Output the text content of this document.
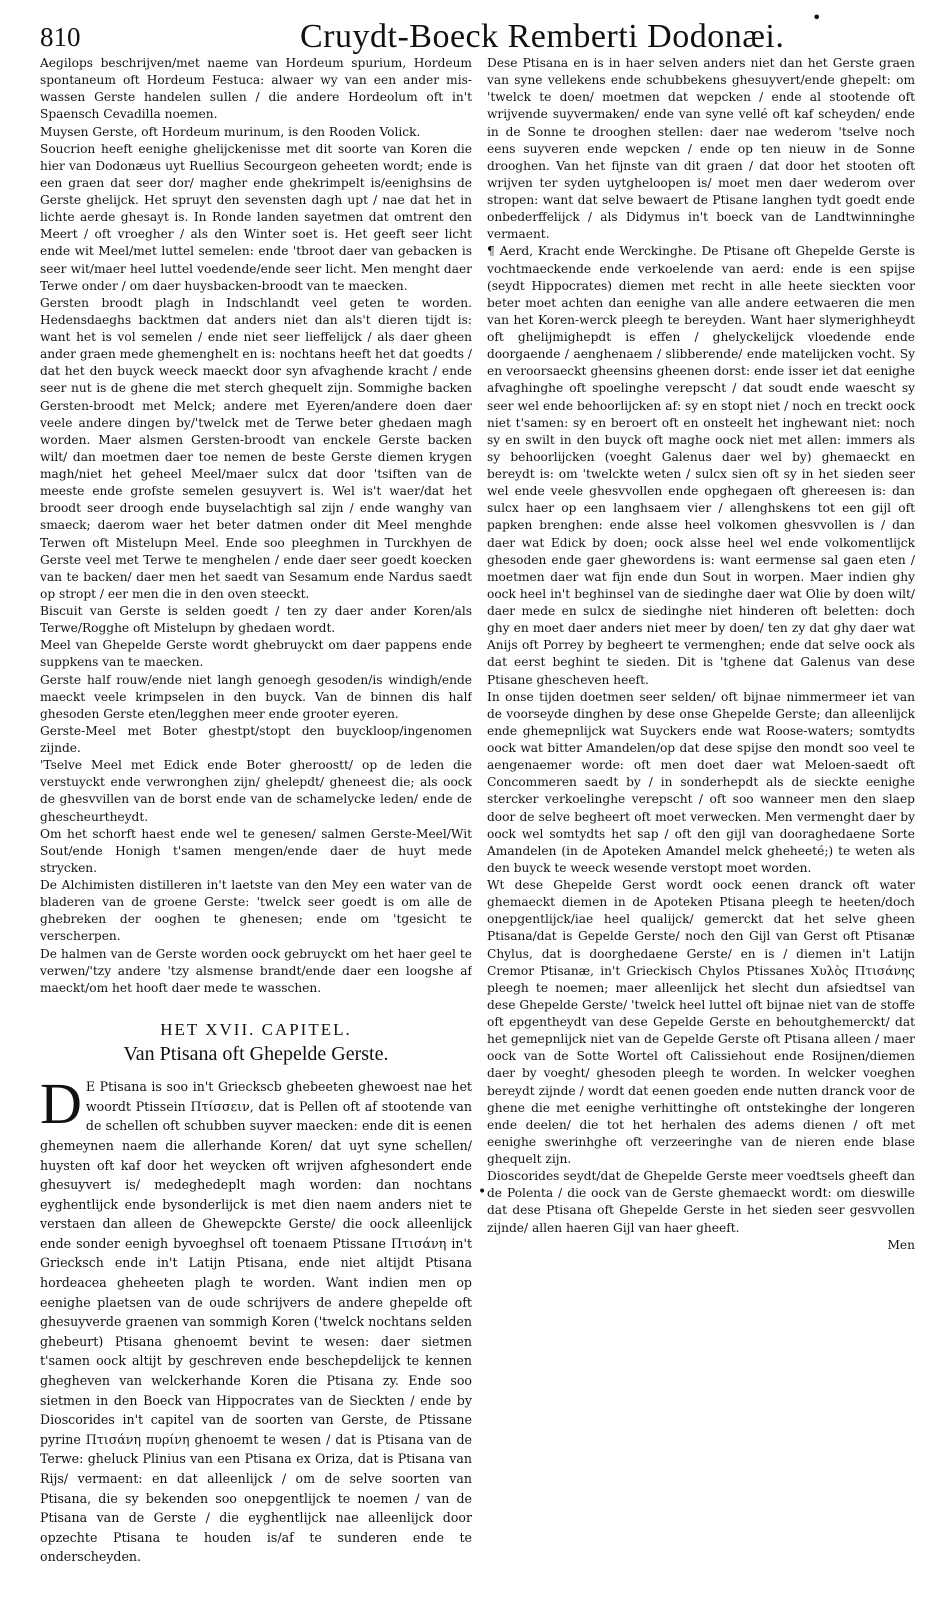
810	Cruydt-Boeck Remberti Dodonæi.
•

Aegilops beschrijven/met naeme van Hordeum spurium, Hordeum spontaneum oft Hordeum Festuca: alwaer wy van een ander mis-wassen Gerste handelen sullen / die andere Hordeolum oft in't Spaensch Cevadilla noemen.

Muysen Gerste, oft Hordeum murinum, is den Rooden Volick.

Soucrion heeft eenighe ghelijckenisse met dit soorte van Koren die hier van Dodonæus uyt Ruellius Secourgeon geheeten wordt; ende is een graen dat seer dor/ magher ende ghekrimpelt is/eenighsins de Gerste ghelijck. Het spruyt den sevensten dagh upt / nae dat het in lichte aerde ghesayt is. In Ronde landen sayetmen dat omtrent den Meert / oft vroegher / als den Winter soet is. Het geeft seer licht ende wit Meel/met luttel semelen: ende 'tbroot daer van gebacken is seer wit/maer heel luttel voedende/ende seer licht. Men menght daer Terwe onder / om daer huysbacken-broodt van te maecken.

Gersten broodt plagh in Indschlandt veel geten te worden. Hedensdaeghs backtmen dat anders niet dan als't dieren tijdt is: want het is vol semelen / ende niet seer lieffelijck / als daer gheen ander graen mede ghemenghelt en is: nochtans heeft het dat goedts / dat het den buyck weeck maeckt door syn afvaghende kracht / ende seer nut is de ghene die met sterch ghequelt zijn. Sommighe backen Gersten-broodt met Melck; andere met Eyeren/andere doen daer veele andere dingen by/'twelck met de Terwe beter ghedaen magh worden. Maer alsmen Gersten-broodt van enckele Gerste backen wilt/ dan moetmen daer toe nemen de beste Gerste diemen krygen magh/niet het geheel Meel/maer sulcx dat door 'tsiften van de meeste ende grofste semelen gesuyvert is. Wel is't waer/dat het broodt seer droogh ende buyselachtigh sal zijn / ende wanghy van smaeck; daerom waer het beter datmen onder dit Meel menghde Terwen oft Mistelupn Meel. Ende soo pleeghmen in Turckhyen de Gerste veel met Terwe te menghelen / ende daer seer goedt koecken van te backen/ daer men het saedt van Sesamum ende Nardus saedt op stropt / eer men die in den oven steeckt.

Biscuit van Gerste is selden goedt / ten zy daer ander Koren/als Terwe/Rogghe oft Mistelupn by ghedaen wordt.

Meel van Ghepelde Gerste wordt ghebruyckt om daer pappens ende suppkens van te maecken.

Gerste half rouw/ende niet langh genoegh gesoden/is windigh/ende maeckt veele krimpselen in den buyck. Van de binnen dis half ghesoden Gerste eten/legghen meer ende grooter eyeren.

Gerste-Meel met Boter ghestpt/stopt den buyckloop/ingenomen zijnde.

'Tselve Meel met Edick ende Boter gheroostt/ op de leden die verstuyckt ende verwronghen zijn/ ghelepdt/ gheneest die; als oock de ghesvvillen van de borst ende van de schamelycke leden/ ende de ghescheurtheydt.

Om het schorft haest ende wel te genesen/ salmen Gerste-Meel/Wit Sout/ende Honigh t'samen mengen/ende daer de huyt mede strycken.

De Alchimisten distilleren in't laetste van den Mey een water van de bladeren van de groene Gerste: 'twelck seer goedt is om alle de ghebreken der ooghen te ghenesen; ende om 'tgesicht te verscherpen.

De halmen van de Gerste worden oock gebruyckt om het haer geel te verwen/'tzy andere 'tzy alsmense brandt/ende daer een loogshe af maeckt/om het hooft daer mede te wasschen.

HET XVII. CAPITEL.
Van Ptisana oft Ghepelde Gerste.

D E Ptisana is soo in't Grieckscb ghebeeten ghewoest nae het woordt Ptissein Πτίσσειν, dat is Pellen oft af stootende van de schellen oft schubben suyver maecken: ende dit is eenen ghemeynen naem die allerhande Koren/ dat uyt syne schellen/ huysten oft kaf door het weycken oft wrijven afghesondert ende ghesuyvert is/ medeghedeplt magh worden: dan nochtans eyghentlijck ende bysonderlijck is met dien naem anders niet te verstaen dan alleen de Ghewepckte Gerste/ die oock alleenlijck ende sonder eenigh byvoeghsel oft toenaem Ptissane Πτισάνη in't Griecksch ende in't Latijn Ptisana, ende niet altijdt Ptisana hordeacea gheheeten plagh te worden. Want indien men op eenighe plaetsen van de oude schrijvers de andere ghepelde oft ghesuyverde graenen van sommigh Koren ('twelck nochtans selden ghebeurt) Ptisana ghenoemt bevint te wesen: daer sietmen t'samen oock altijt by geschreven ende beschepdelijck te kennen ghegheven van welckerhande Koren die Ptisana zy. Ende soo sietmen in den Boeck van Hippocrates van de Sieckten / ende by Dioscorides in't capitel van de soorten van Gerste, de Ptissane pyrine Πτισάνη πυρίνη ghenoemt te wesen / dat is Ptisana van de Terwe: gheluck Plinius van een Ptisana ex Oriza, dat is Ptisana van Rijs/ vermaent: en dat alleenlijck / om de selve soorten van Ptisana, die sy bekenden soo onepgentlijck te noemen / van de Ptisana van de Gerste / die eyghentlijck nae alleenlijck door opzechte Ptisana te houden is/af te sunderen ende te onderscheyden.

•

Dese Ptisana en is in haer selven anders niet dan het Gerste graen van syne vellekens ende schubbekens ghesuyvert/ende ghepelt: om 'twelck te doen/ moetmen dat wepcken / ende al stootende oft wrijvende suyvermaken/ ende van syne vellé oft kaf scheyden/ ende in de Sonne te drooghen stellen: daer nae wederom 'tselve noch eens suyveren ende wepcken / ende op ten nieuw in de Sonne drooghen. Van het fijnste van dit graen / dat door het stooten oft wrijven ter syden uytgheloopen is/ moet men daer wederom over stropen: want dat selve bewaert de Ptisane langhen tydt goedt ende onbederffelijck / als Didymus in't boeck van de Landtwinninghe vermaent.

¶ Aerd, Kracht ende Werckinghe. De Ptisane oft Ghepelde Gerste is vochtmaeckende ende verkoelende van aerd: ende is een spijse (seydt Hippocrates) diemen met recht in alle heete sieckten voor beter moet achten dan eenighe van alle andere eetwaeren die men van het Koren-werck pleegh te bereyden. Want haer slymerighheydt oft ghelijmighepdt is effen / ghelyckelijck vloedende ende doorgaende / aenghenaem / slibberende/ ende matelijcken vocht. Sy en veroorsaeckt gheensins gheenen dorst: ende isser iet dat eenighe afvaghinghe oft spoelinghe verepscht / dat soudt ende waescht sy seer wel ende behoorlijcken af: sy en stopt niet / noch en treckt oock niet t'samen: sy en beroert oft en onsteelt het inghewant niet: noch sy en swilt in den buyck oft maghe oock niet met allen: immers als sy behoorlijcken (voeght Galenus daer wel by) ghemaeckt en bereydt is: om 'twelckte weten / sulcx sien oft sy in het sieden seer wel ende veele ghesvvollen ende opghegaen oft ghereesen is: dan sulcx haer op een langhsaem vier / allenghskens tot een gijl oft papken brenghen: ende alsse heel volkomen ghesvvollen is / dan daer wat Edick by doen; oock alsse heel wel ende volkomentlijck ghesoden ende gaer ghewordens is: want eermense sal gaen eten / moetmen daer wat fijn ende dun Sout in worpen. Maer indien ghy oock heel in't beghinsel van de siedinghe daer wat Olie by doen wilt/ daer mede en sulcx de siedinghe niet hinderen oft beletten: doch ghy en moet daer anders niet meer by doen/ ten zy dat ghy daer wat Anijs oft Porrey by begheert te vermenghen; ende dat selve oock als dat eerst beghint te sieden. Dit is 'tghene dat Galenus van dese Ptisane ghescheven heeft.

In onse tijden doetmen seer selden/ oft bijnae nimmermeer iet van de voorseyde dinghen by dese onse Ghepelde Gerste; dan alleenlijck ende ghemepnlijck wat Suyckers ende wat Roose-waters; somtydts oock wat bitter Amandelen/op dat dese spijse den mondt soo veel te aengenaemer worde: oft men doet daer wat Meloen-saedt oft Concommeren saedt by / in sonderhepdt als de sieckte eenighe stercker verkoelinghe verepscht / oft soo wanneer men den slaep door de selve begheert oft moet verwecken. Men vermenght daer by oock wel somtydts het sap / oft den gijl van dooraghedaene Sorte Amandelen (in de Apoteken Amandel melck gheheeté;) te weten als den buyck te weeck wesende verstopt moet worden.

Wt dese Ghepelde Gerst wordt oock eenen dranck oft water ghemaeckt diemen in de Apoteken Ptisana pleegh te heeten/doch onepgentlijck/iae heel qualijck/ gemerckt dat het selve gheen Ptisana/dat is Gepelde Gerste/ noch den Gijl van Gerst oft Ptisanæ Chylus, dat is doorghedaene Gerste/ en is / diemen in't Latijn Cremor Ptisanæ, in't Grieckisch Chylos Ptissanes Χυλὸς Πτισάνης pleegh te noemen; maer alleenlijck het slecht dun afsiedtsel van dese Ghepelde Gerste/ 'twelck heel luttel oft bijnae niet van de stoffe oft epgentheydt van dese Gepelde Gerste en behoutghemerckt/ dat het gemepnlijck niet van de Gepelde Gerste oft Ptisana alleen / maer oock van de Sotte Wortel oft Calissiehout ende Rosijnen/diemen daer by voeght/ ghesoden pleegh te worden. In welcker voeghen bereydt zijnde / wordt dat eenen goeden ende nutten dranck voor de ghene die met eenighe verhittinghe oft ontstekinghe der longeren ende deelen/ die tot het herhalen des adems dienen / oft met eenighe swerinhghe oft verzeeringhe van de nieren ende blase ghequelt zijn.

Dioscorides seydt/dat de Ghepelde Gerste meer voedtsels gheeft dan de Polenta / die oock van de Gerste ghemaeckt wordt: om dieswille dat dese Ptisana oft Ghepelde Gerste in het sieden seer gesvvollen zijnde/ allen haeren Gijl van haer gheeft.

Men
